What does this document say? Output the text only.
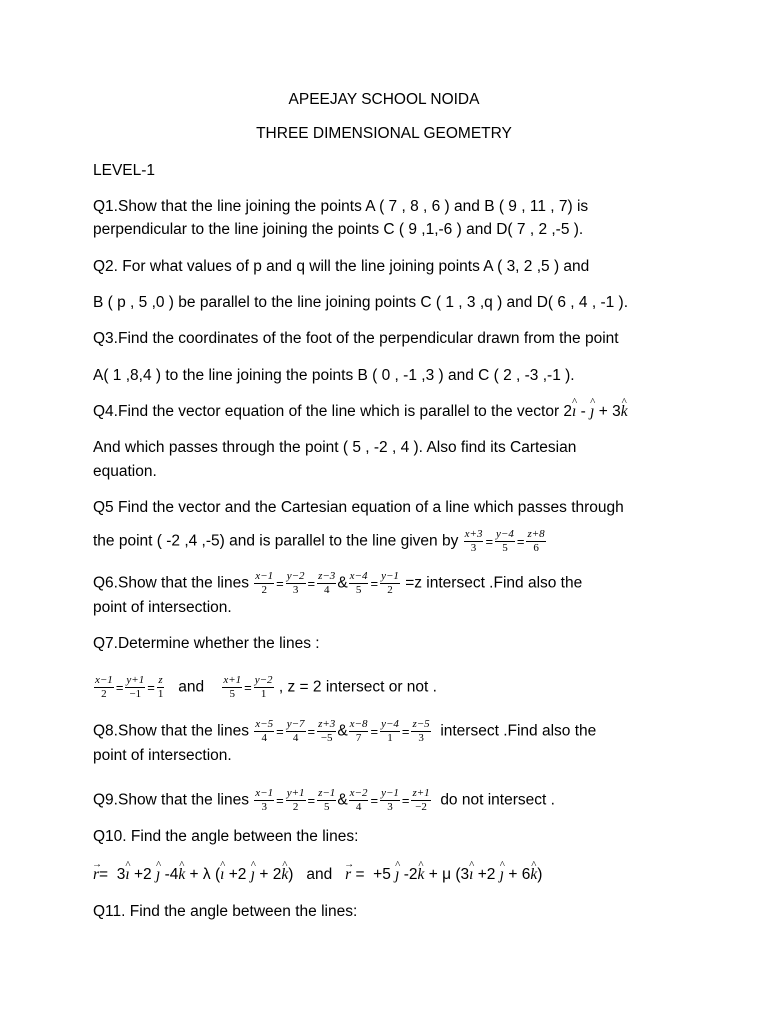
APEEJAY SCHOOL NOIDA
THREE DIMENSIONAL GEOMETRY
LEVEL-1
Q1.Show that the line joining the points A ( 7 , 8 , 6 ) and B ( 9 , 11 , 7) is
perpendicular to the line joining the points C ( 9 ,1,-6 ) and D( 7 , 2 ,-5 ).
Q2. For what values of p and q will the line joining points A ( 3, 2 ,5 ) and
B ( p , 5 ,0 ) be parallel to the line joining points C ( 1 , 3 ,q ) and D( 6 , 4 , -1 ).
Q3.Find the coordinates of the foot of the perpendicular drawn from the point
A( 1 ,8,4 ) to the line joining the points B ( 0 , -1 ,3 ) and C ( 2 , -3 ,-1 ).
Q4.Find the vector equation of the line which is parallel to the vector 2^ ı - ^ ȷ + 3^ k
And which passes through the point ( 5 , -2 , 4 ). Also find its Cartesian
equation.
Q5 Find the vector and the Cartesian equation of a line which passes through
the point ( -2 ,4 ,-5) and is parallel to the line given by $\frac{x+3}{3} = \frac{y-4}{5} = \frac{z+8}{6}$
Q6.Show that the lines $\frac{x-1}{2} = \frac{y-2}{3} = \frac{z-3}{4}$ & $\frac{x-4}{5} = \frac{y-1}{2} =z$ intersect .Find also the
point of intersection.
Q7.Determine whether the lines :
$\frac{x-1}{2} = \frac{y+1}{-1} = \frac{z}{1}$ and $\frac{x+1}{5} = \frac{y-2}{1}$ , z = 2 intersect or not .
Q8.Show that the lines $\frac{x-5}{4} = \frac{y-7}{4} = \frac{z+3}{-5}$ & $\frac{x-8}{7} = \frac{y-4}{1} = \frac{z-5}{3}$ intersect .Find also the
point of intersection.
Q9.Show that the lines $\frac{x-1}{3} = \frac{y+1}{2} = \frac{z-1}{5}$ & $\frac{x-2}{4} = \frac{y-1}{3} = \frac{z+1}{-2}$ do not intersect .
Q10. Find the angle between the lines:
→ r=  3^ ı +2 ^ ȷ -4^ k + λ (^ ı +2 ^ ȷ + 2^ k)   and   → r =  +5 ^ ȷ -2^ k + μ (3^ ı +2 ^ ȷ + 6^ k)
Q11. Find the angle between the lines:
